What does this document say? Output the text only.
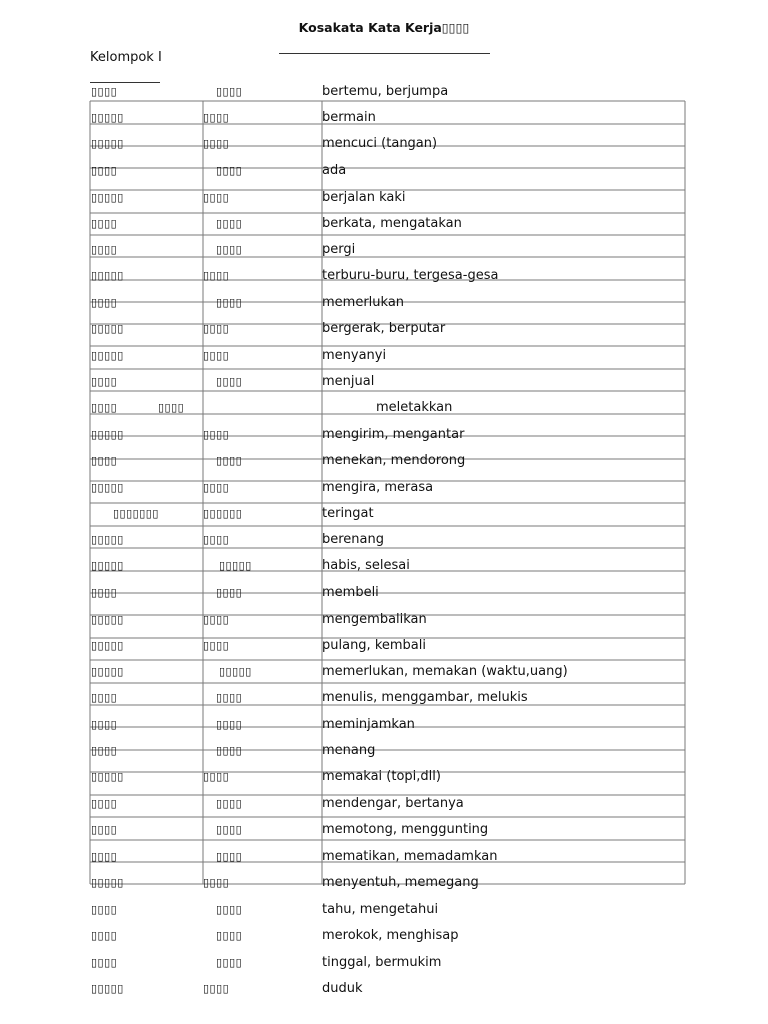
Kosakata Kata Kerja▯▯▯▯
Kelompok I
▯▯▯▯	▯▯▯▯	bertemu, berjumpa
▯▯▯▯▯	▯▯▯▯	bermain
▯▯▯▯▯	▯▯▯▯	mencuci (tangan)
▯▯▯▯	▯▯▯▯	ada
▯▯▯▯▯	▯▯▯▯	berjalan kaki
▯▯▯▯	▯▯▯▯	berkata, mengatakan
▯▯▯▯	▯▯▯▯	pergi
▯▯▯▯▯	▯▯▯▯	terburu-buru, tergesa-gesa
▯▯▯▯	▯▯▯▯	memerlukan
▯▯▯▯▯	▯▯▯▯	bergerak, berputar
▯▯▯▯▯	▯▯▯▯	menyanyi
▯▯▯▯	▯▯▯▯	menjual
▯▯▯▯	▯▯▯▯	meletakkan
▯▯▯▯▯	▯▯▯▯	mengirim, mengantar
▯▯▯▯	▯▯▯▯	menekan, mendorong
▯▯▯▯▯	▯▯▯▯	mengira, merasa
▯▯▯▯▯▯▯	▯▯▯▯▯▯	teringat
▯▯▯▯▯	▯▯▯▯	berenang
▯▯▯▯▯	▯▯▯▯▯	habis, selesai
▯▯▯▯	▯▯▯▯	membeli
▯▯▯▯▯	▯▯▯▯	mengembalikan
▯▯▯▯▯	▯▯▯▯	pulang, kembali
▯▯▯▯▯	▯▯▯▯▯	memerlukan, memakan (waktu,uang)
▯▯▯▯	▯▯▯▯	menulis, menggambar, melukis
▯▯▯▯	▯▯▯▯	meminjamkan
▯▯▯▯	▯▯▯▯	menang
▯▯▯▯▯	▯▯▯▯	memakai (topi,dll)
▯▯▯▯	▯▯▯▯	mendengar, bertanya
▯▯▯▯	▯▯▯▯	memotong, menggunting
▯▯▯▯	▯▯▯▯	mematikan, memadamkan
▯▯▯▯▯	▯▯▯▯	menyentuh, memegang
▯▯▯▯	▯▯▯▯	tahu, mengetahui
▯▯▯▯	▯▯▯▯	merokok, menghisap
▯▯▯▯	▯▯▯▯	tinggal, bermukim
▯▯▯▯▯	▯▯▯▯	duduk
